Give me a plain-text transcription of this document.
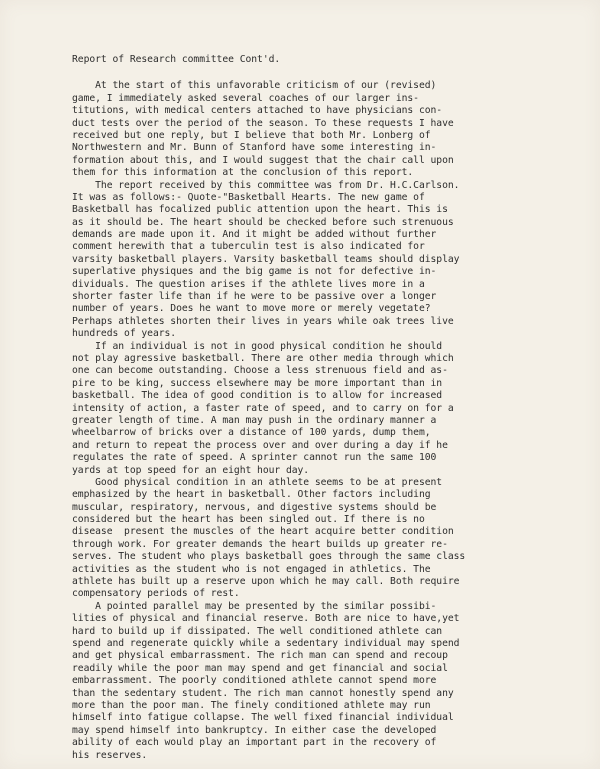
Report of Research committee Cont'd.
At the start of this unfavorable criticism of our (revised)
game, I immediately asked several coaches of our larger ins-
titutions, with medical centers attached to have physicians con-
duct tests over the period of the season. To these requests I have
received but one reply, but I believe that both Mr. Lonberg of
Northwestern and Mr. Bunn of Stanford have some interesting in-
formation about this, and I would suggest that the chair call upon
them for this information at the conclusion of this report.
The report received by this committee was from Dr. H.C.Carlson.
It was as follows:- Quote-"Basketball Hearts. The new game of
Basketball has focalized public attention upon the heart. This is
as it should be. The heart should be checked before such strenuous
demands are made upon it. And it might be added without further
comment herewith that a tuberculin test is also indicated for
varsity basketball players. Varsity basketball teams should display
superlative physiques and the big game is not for defective in-
dividuals. The question arises if the athlete lives more in a
shorter faster life than if he were to be passive over a longer
number of years. Does he want to move more or merely vegetate?
Perhaps athletes shorten their lives in years while oak trees live
hundreds of years.
If an individual is not in good physical condition he should
not play agressive basketball. There are other media through which
one can become outstanding. Choose a less strenuous field and as-
pire to be king, success elsewhere may be more important than in
basketball. The idea of good condition is to allow for increased
intensity of action, a faster rate of speed, and to carry on for a
greater length of time. A man may push in the ordinary manner a
wheelbarrow of bricks over a distance of 100 yards, dump them,
and return to repeat the process over and over during a day if he
regulates the rate of speed. A sprinter cannot run the same 100
yards at top speed for an eight hour day.
Good physical condition in an athlete seems to be at present
emphasized by the heart in basketball. Other factors including
muscular, respiratory, nervous, and digestive systems should be
considered but the heart has been singled out. If there is no
disease  present the muscles of the heart acquire better condition
through work. For greater demands the heart builds up greater re-
serves. The student who plays basketball goes through the same class
activities as the student who is not engaged in athletics. The
athlete has built up a reserve upon which he may call. Both require
compensatory periods of rest.
A pointed parallel may be presented by the similar possibi-
lities of physical and financial reserve. Both are nice to have,yet
hard to build up if dissipated. The well conditioned athlete can
spend and regenerate quickly while a sedentary individual may spend
and get physical embarrassment. The rich man can spend and recoup
readily while the poor man may spend and get financial and social
embarrassment. The poorly conditioned athlete cannot spend more
than the sedentary student. The rich man cannot honestly spend any
more than the poor man. The finely conditioned athlete may run
himself into fatigue collapse. The well fixed financial individual
may spend himself into bankruptcy. In either case the developed
ability of each would play an important part in the recovery of
his reserves.
